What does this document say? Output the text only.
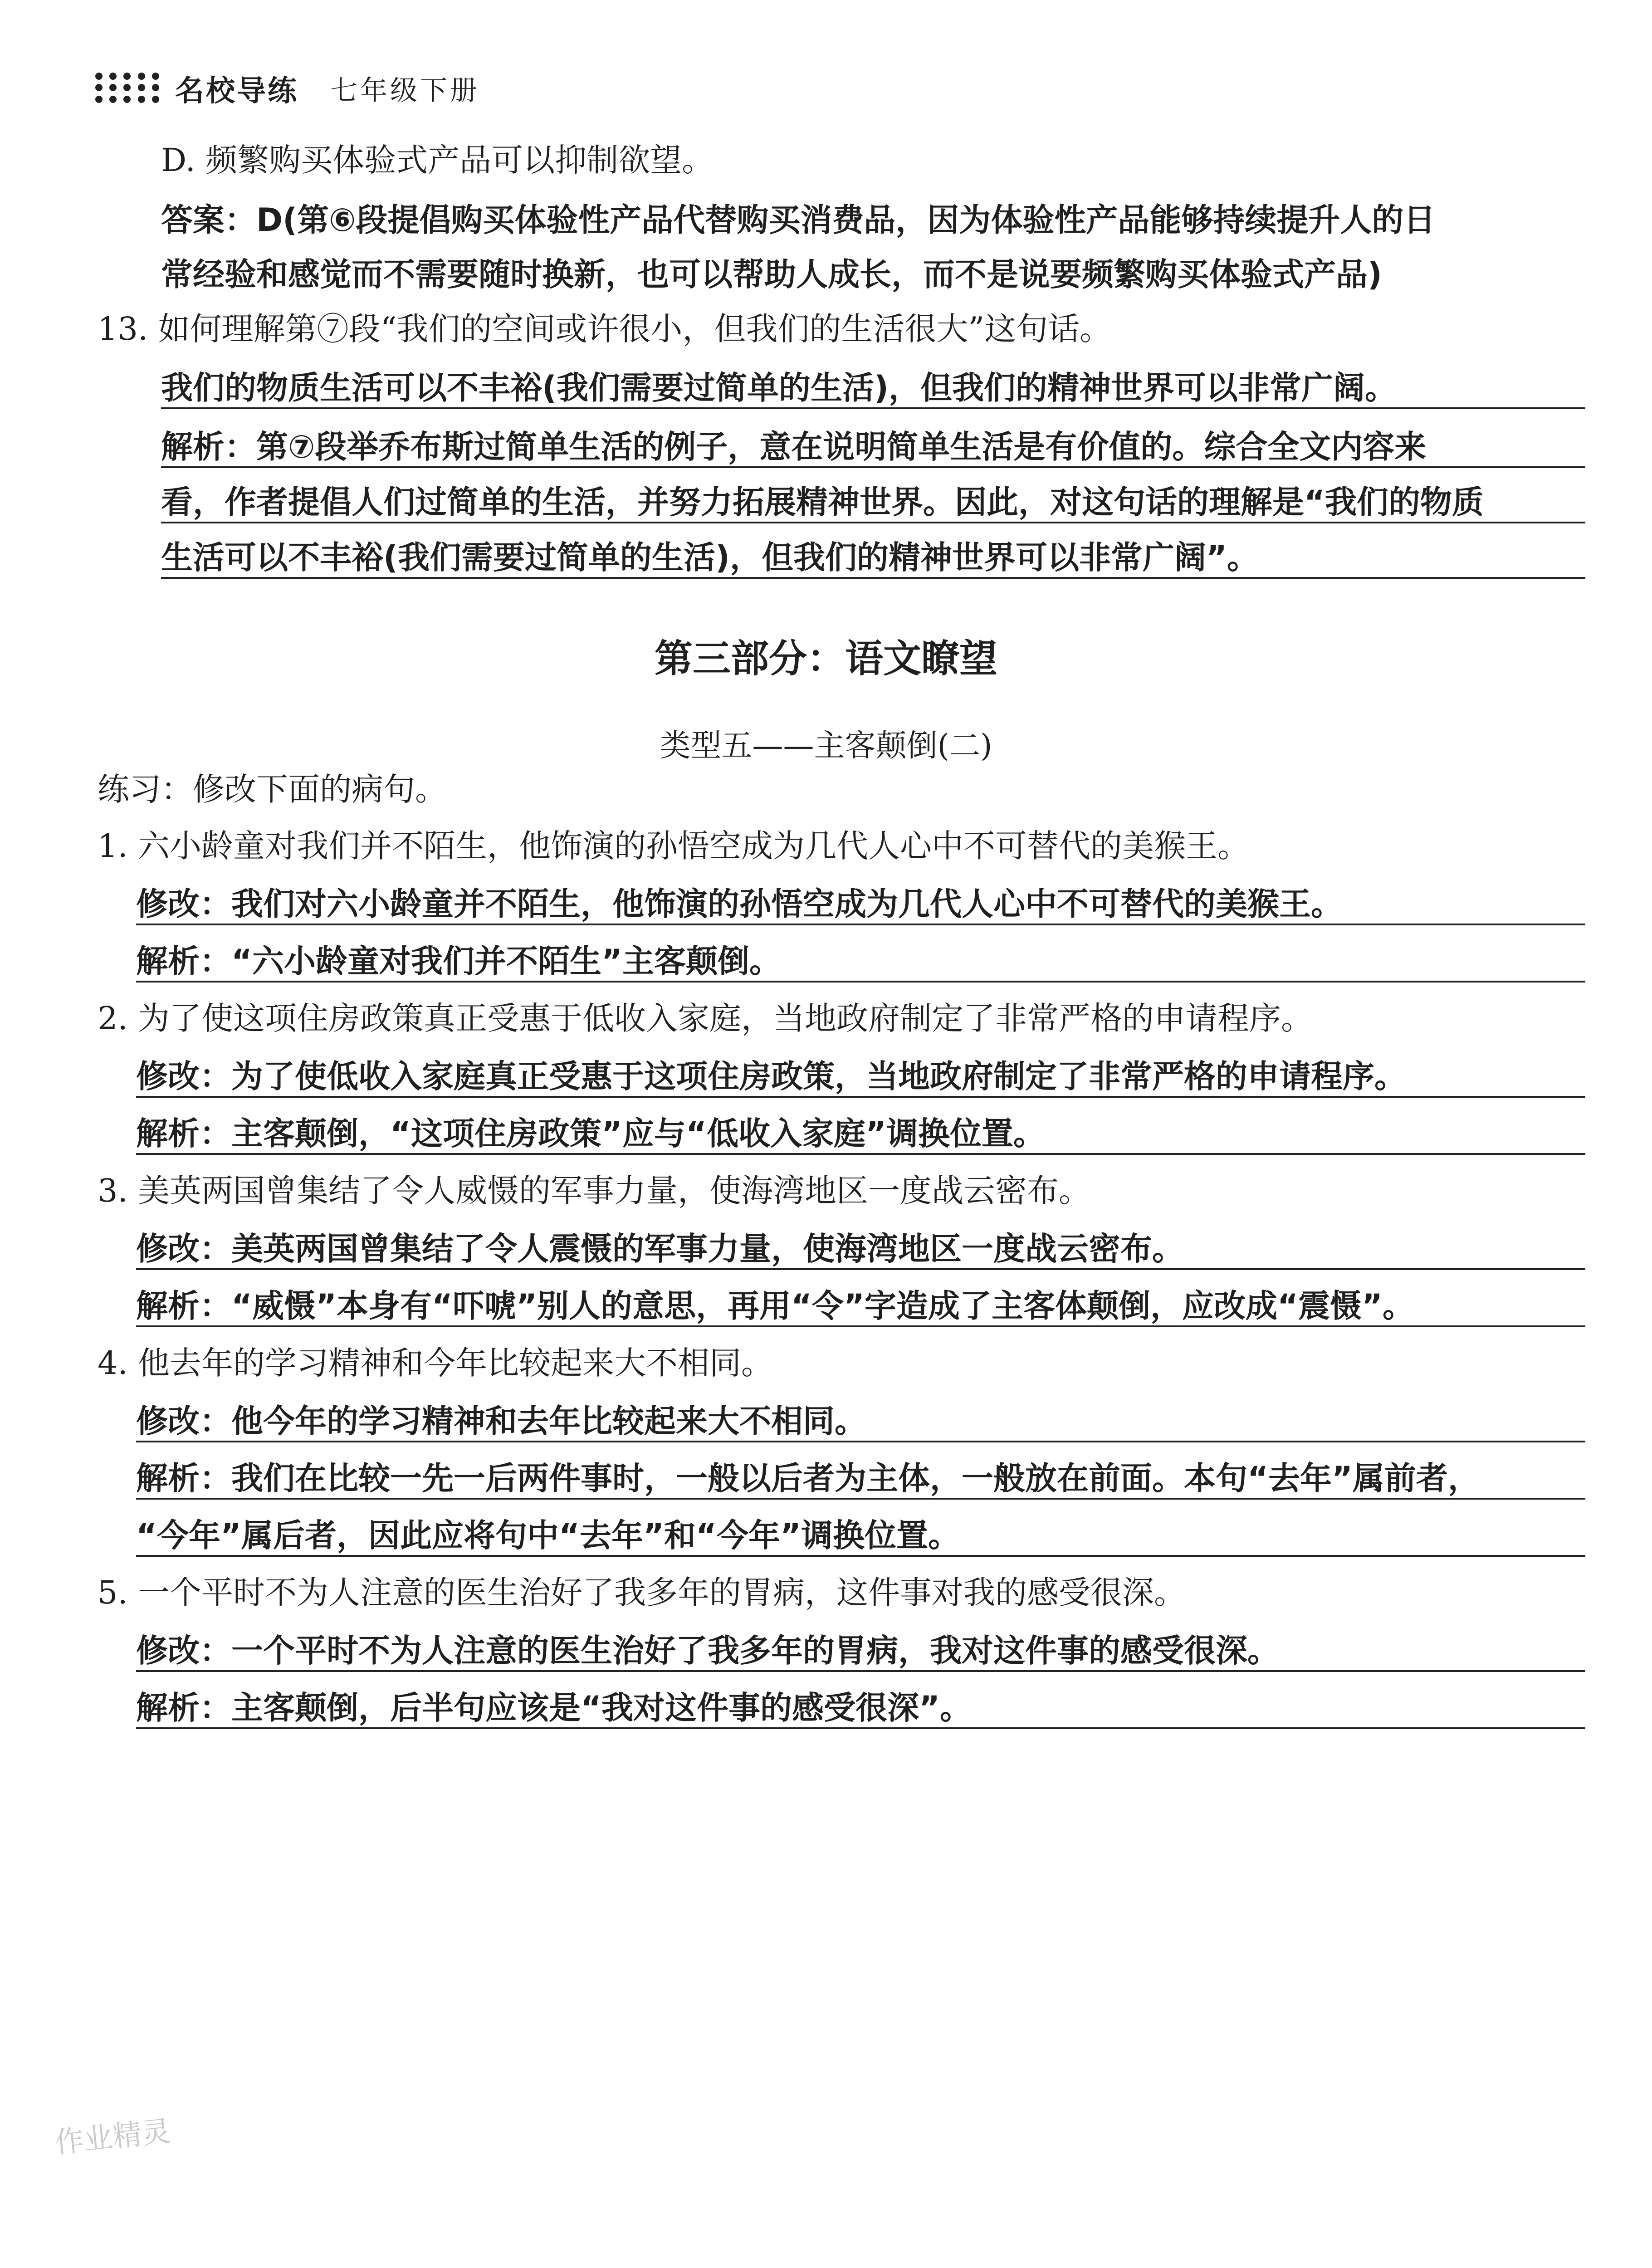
名校导练 七年级下册
D. 频繁购买体验式产品可以抑制欲望。
答案：D(第⑥段提倡购买体验性产品代替购买消费品，因为体验性产品能够持续提升人的日
常经验和感觉而不需要随时换新，也可以帮助人成长，而不是说要频繁购买体验式产品)
13. 如何理解第⑦段“我们的空间或许很小，但我们的生活很大”这句话。
我们的物质生活可以不丰裕(我们需要过简单的生活)，但我们的精神世界可以非常广阔。
解析：第⑦段举乔布斯过简单生活的例子，意在说明简单生活是有价值的。综合全文内容来
看，作者提倡人们过简单的生活，并努力拓展精神世界。因此，对这句话的理解是“我们的物质
生活可以不丰裕(我们需要过简单的生活)，但我们的精神世界可以非常广阔”。
第三部分：语文瞭望
类型五——主客颠倒(二)
练习：修改下面的病句。
1. 六小龄童对我们并不陌生，他饰演的孙悟空成为几代人心中不可替代的美猴王。
修改：我们对六小龄童并不陌生，他饰演的孙悟空成为几代人心中不可替代的美猴王。
解析：“六小龄童对我们并不陌生”主客颠倒。
2. 为了使这项住房政策真正受惠于低收入家庭，当地政府制定了非常严格的申请程序。
修改：为了使低收入家庭真正受惠于这项住房政策，当地政府制定了非常严格的申请程序。
解析：主客颠倒，“这项住房政策”应与“低收入家庭”调换位置。
3. 美英两国曾集结了令人威慑的军事力量，使海湾地区一度战云密布。
修改：美英两国曾集结了令人震慑的军事力量，使海湾地区一度战云密布。
解析：“威慑”本身有“吓唬”别人的意思，再用“令”字造成了主客体颠倒，应改成“震慑”。
4. 他去年的学习精神和今年比较起来大不相同。
修改：他今年的学习精神和去年比较起来大不相同。
解析：我们在比较一先一后两件事时，一般以后者为主体，一般放在前面。本句“去年”属前者，
“今年”属后者，因此应将句中“去年”和“今年”调换位置。
5. 一个平时不为人注意的医生治好了我多年的胃病，这件事对我的感受很深。
修改：一个平时不为人注意的医生治好了我多年的胃病，我对这件事的感受很深。
解析：主客颠倒，后半句应该是“我对这件事的感受很深”。
作业精灵
